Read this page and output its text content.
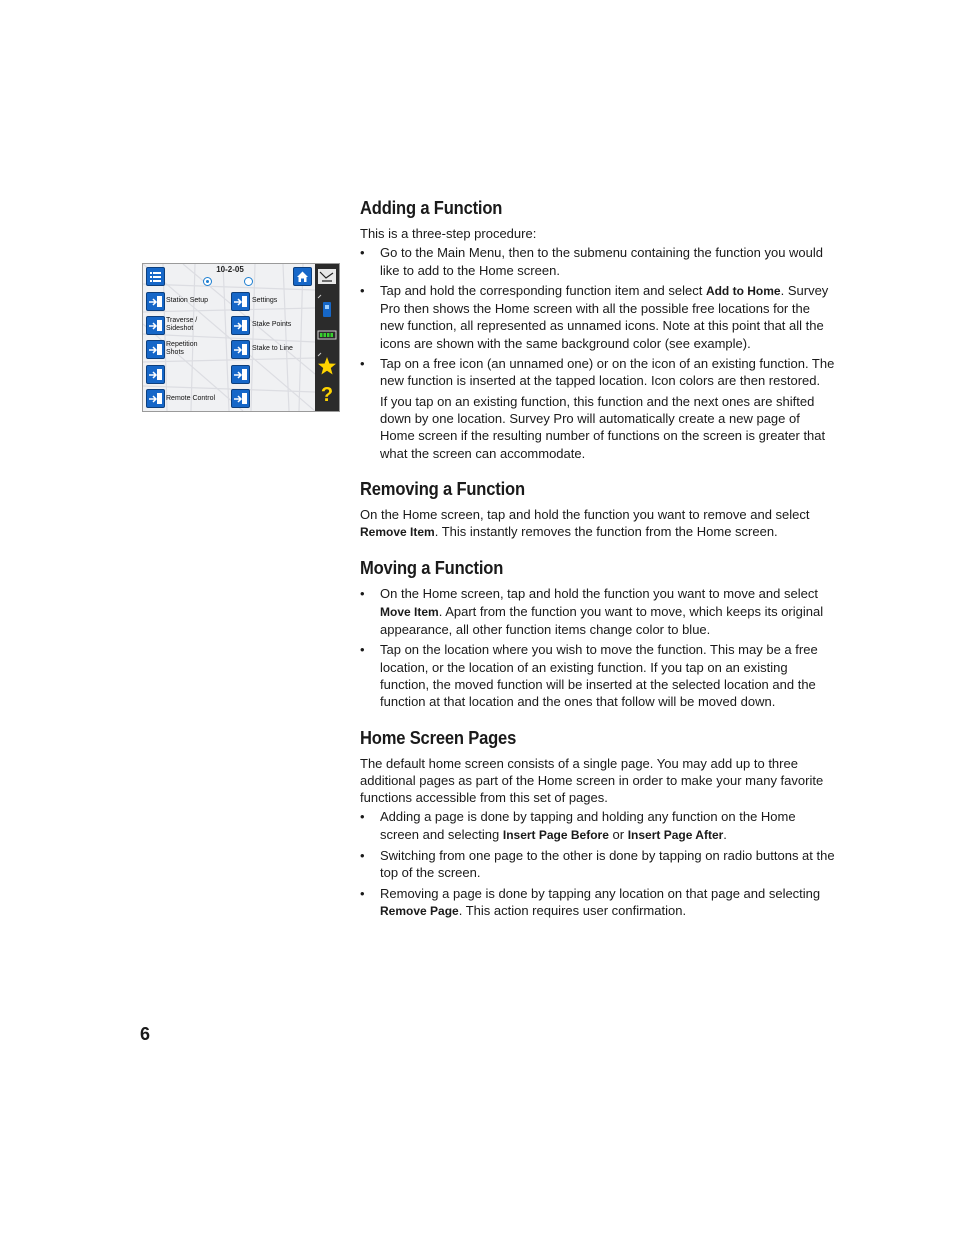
10-2-05
Station Setup
Traverse / Sideshot
Repetition Shots
Remote Control
Settings
Stake Points
Stake to Line
?
Adding a Function

This is a three-step procedure:

• Go to the Main Menu, then to the submenu containing the function you would like to add to the Home screen.
• Tap and hold the corresponding function item and select Add to Home. Survey Pro then shows the Home screen with all the possible free locations for the new function, all represented as unnamed icons. Note at this point that all the icons are shown with the same background color (see example).
• Tap on a free icon (an unnamed one) or on the icon of an existing function. The new function is inserted at the tapped location. Icon colors are then restored.

If you tap on an existing function, this function and the next ones are shifted down by one location. Survey Pro will automatically create a new page of Home screen if the resulting number of functions on the screen is greater that what the screen can accommodate.

Removing a Function

On the Home screen, tap and hold the function you want to remove and select Remove Item. This instantly removes the function from the Home screen.

Moving a Function
• On the Home screen, tap and hold the function you want to move and select Move Item. Apart from the function you want to move, which keeps its original appearance, all other function items change color to blue.
• Tap on the location where you wish to move the function. This may be a free location, or the location of an existing function. If you tap on an existing function, the moved function will be inserted at the selected location and the function at that location and the ones that follow will be moved down.
Home Screen Pages

The default home screen consists of a single page. You may add up to three additional pages as part of the Home screen in order to make your many favorite functions accessible from this set of pages.

• Adding a page is done by tapping and holding any function on the Home screen and selecting Insert Page Before or Insert Page After.
• Switching from one page to the other is done by tapping on radio buttons at the top of the screen.
• Removing a page is done by tapping any location on that page and selecting Remove Page. This action requires user confirmation.
6
